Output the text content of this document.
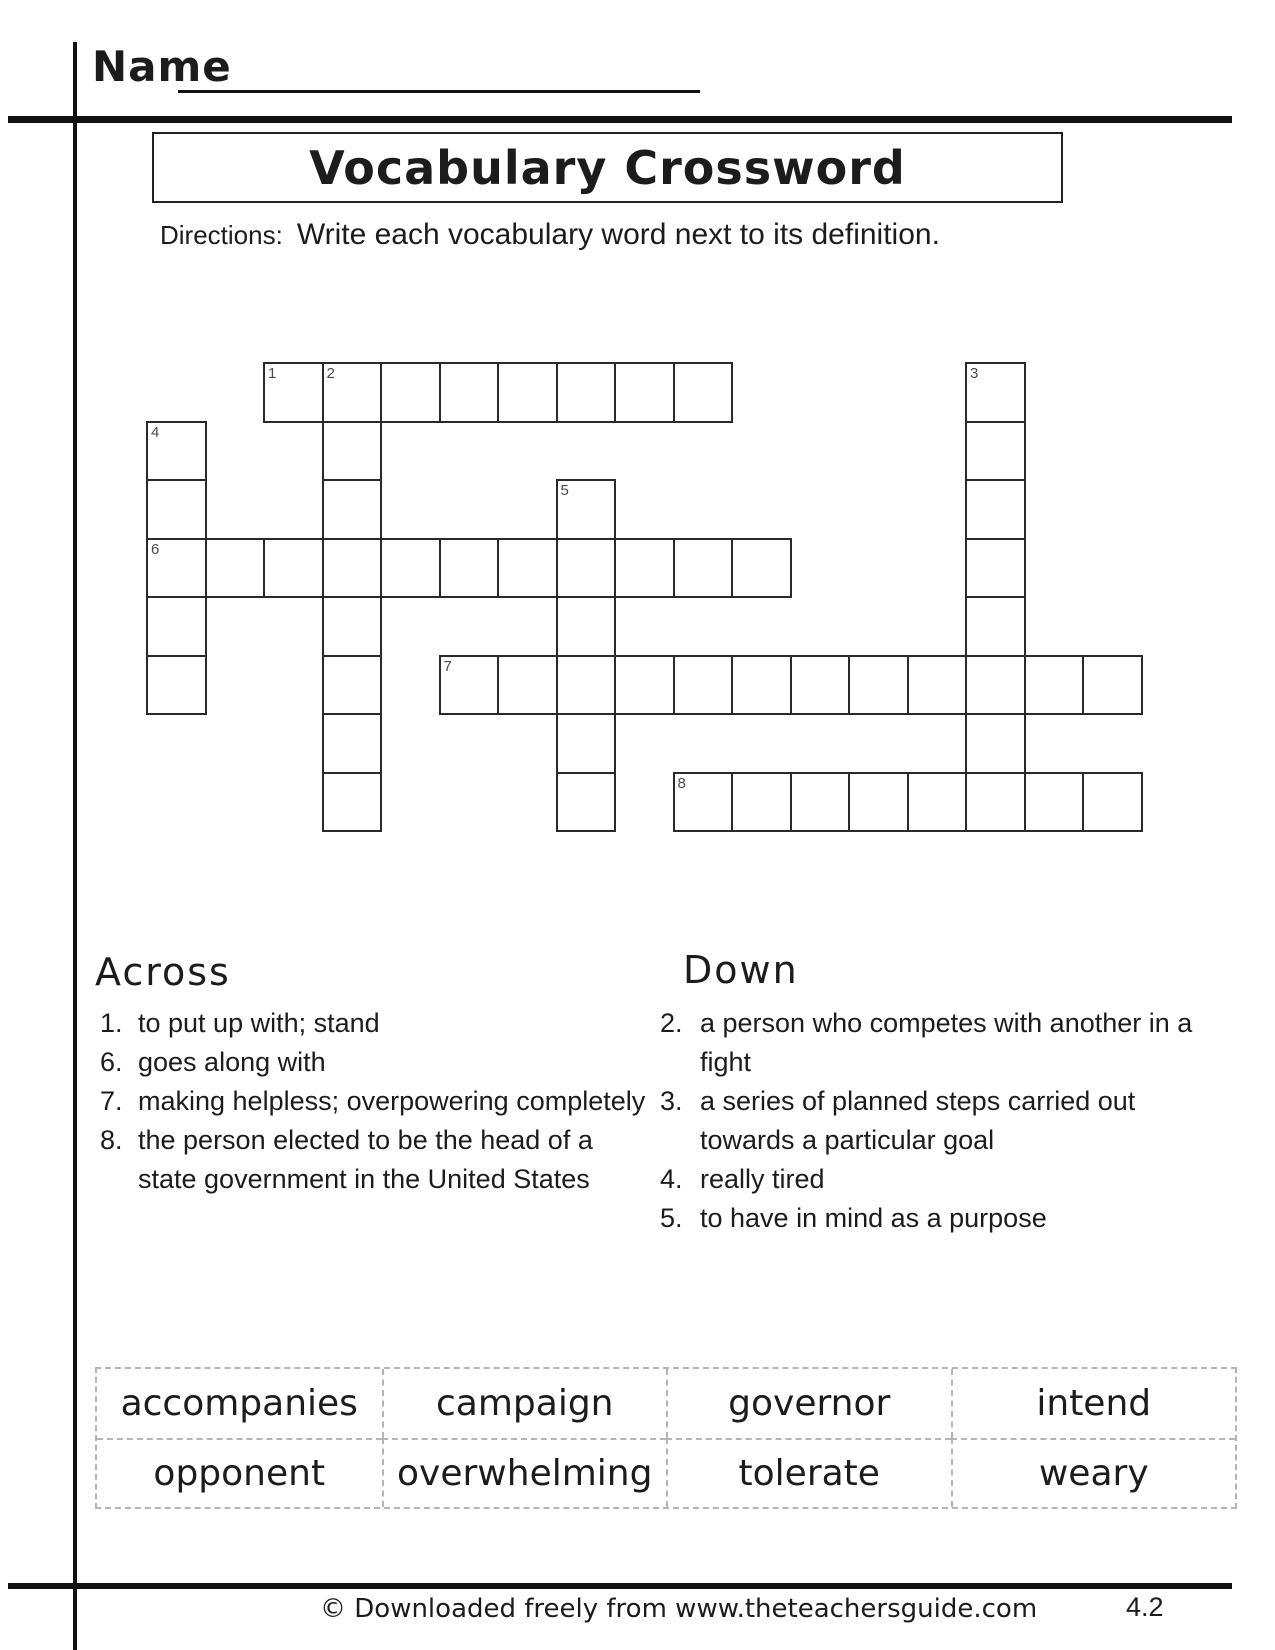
Name
Vocabulary Crossword
Directions: Write each vocabulary word next to its definition.
1	2	3
4
6
5
7
8
Across
1. to put up with; stand
6. goes along with
7. making helpless; overpowering completely
8. the person elected to be the head of a
state government in the United States
Down
2. a person who competes with another in a
fight
3. a series of planned steps carried out
towards a particular goal
4. really tired
5. to have in mind as a purpose
accompanies	campaign	governor	intend
opponent	overwhelming	tolerate	weary
© Downloaded freely from www.theteachersguide.com	4.2
